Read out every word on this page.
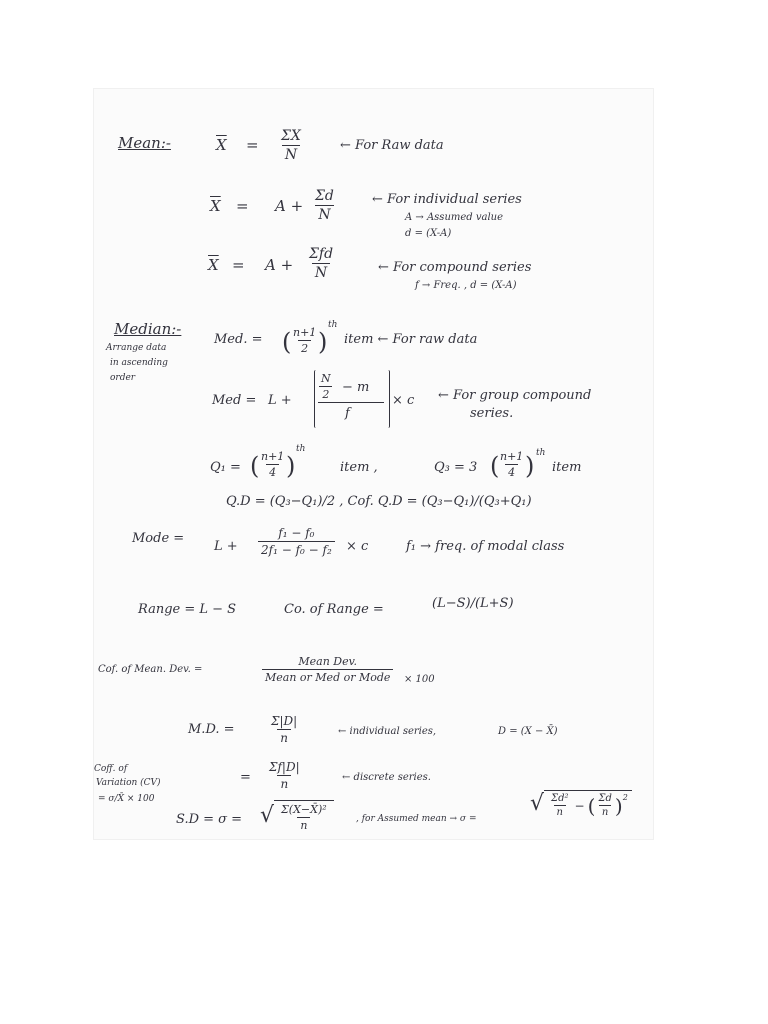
Mean:-	$\overline{X} = \frac{\Sigma X}{N}$	← For Raw data
$\overline{X} = A + \frac{\Sigma d}{N}$	← For individual series
A → Assumed value
d = (X-A)
$\overline{X} = A$ +
Σfd
N	← For compound series
f → Freq. , d = (X-A)
Median:-
Arrange data
in ascending
order
Med. = (
$\frac{n+1}{2}$
)
th
item ← For raw data
Med = $L + \frac{N}{2} - m$
f
× c ← For group compound
series.
Q₁ = (
$\frac{n+1}{4}$
)
th
item ,	Q₃ = 3 (
$\frac{n+1}{4}$
) th
item
Q.D = (Q₃−Q₁)/2 , Cof. Q.D = (Q₃−Q₁)/(Q₃+Q₁)
Mode =
$L + \frac{\text{f₁ − f₀}}{\text{2f₁ − f₀ − f₂}} \times c$	f₁ → freq. of modal class
Range = L − S	Co. of Range =	(L−S)/(L+S)
Cof. of Mean. Dev. =
Mean Dev.
Mean or Med or Mode	× 100
M.D. =	$\frac{\Sigma|D|}{n}$	← individual series,	D = (X − X̄)
= $\frac{\Sigma f|D|}{n}$	← discrete series.
Coff. of
Variation (CV)
= σ/X̄ × 100
S.D = σ = √ $\frac{\text{Σ(X−X̄)²}}{n}$	, for Assumed mean → σ =
√ $\frac{\text{Σd²}}{n}$ − ( $\frac{\Sigma d}{n}$ ) 2
